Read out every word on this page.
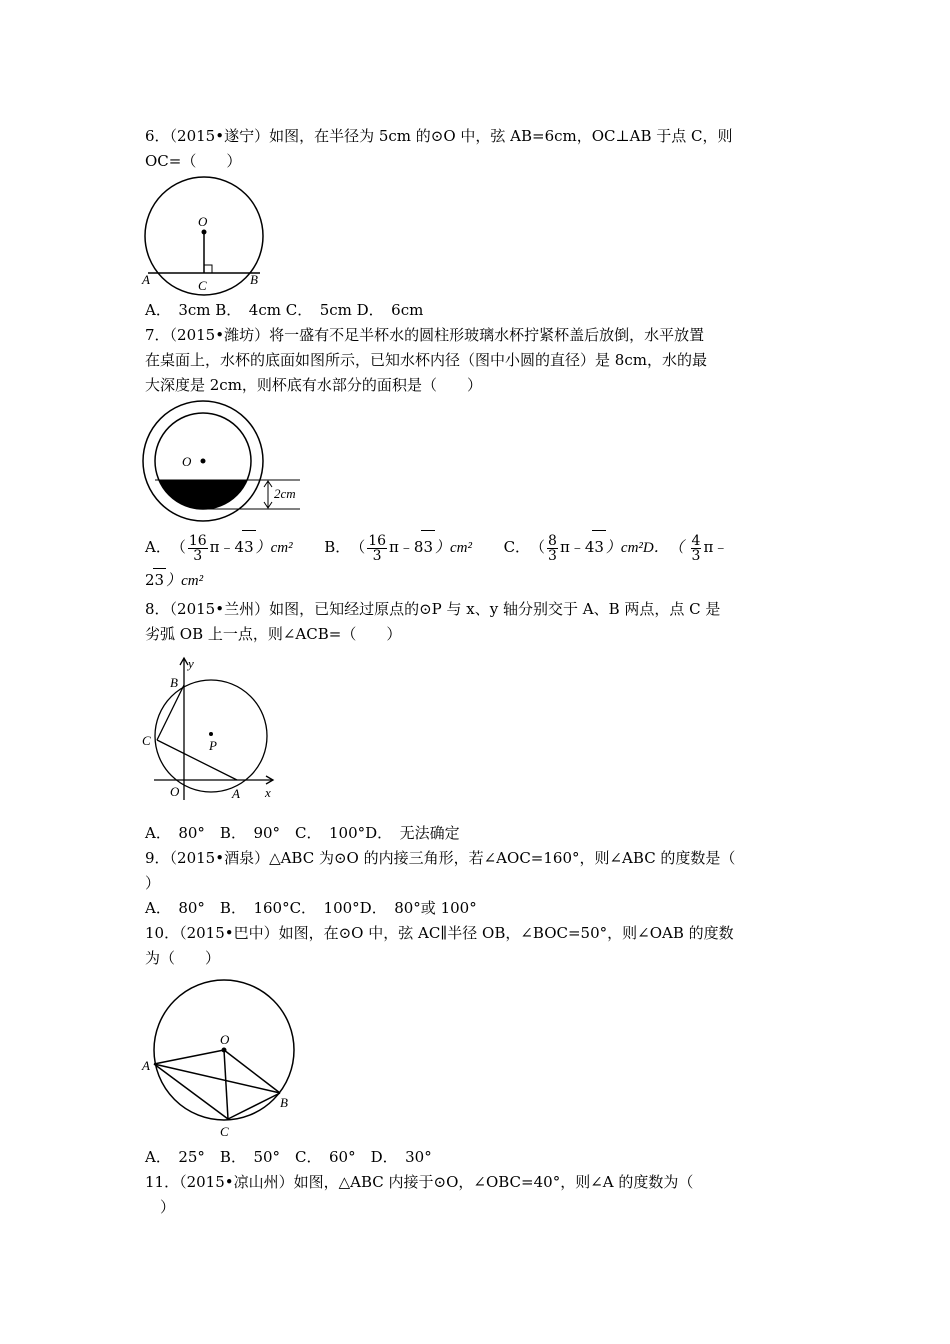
6．（2015•遂宁）如图，在半径为 5cm 的⊙O 中，弦 AB=6cm，OC⊥AB 于点 C，则
OC=（　　）
O
A	B
C
A．　3cm B．　4cm C．　5cm D．　6cm
7．（2015•潍坊）将一盛有不足半杯水的圆柱形玻璃水杯拧紧杯盖后放倒，水平放置
在桌面上，水杯的底面如图所示，已知水杯内径（图中小圆的直径）是 8cm，水的最
大深度是 2cm，则杯底有水部分的面积是（　　）
O
2cm
A．　（ $\frac{16}{3}$ π﹣43 ）cm² B．　（ $\frac{16}{3}$ π﹣83 ）cm² C．　（ $\frac{8}{3}$ π﹣43 ）cm²D．　（ $\frac{4}{3}$ π﹣
23 ）cm²
8．（2015•兰州）如图，已知经过原点的⊙P 与 x、y 轴分别交于 A、B 两点，点 C 是
劣弧 OB 上一点，则∠ACB=（　　）
y
x
B
C	P
O	A
A．　80°　B．　90°　C．　100°D．　无法确定
9．（2015•酒泉）△ABC 为⊙O 的内接三角形，若∠AOC=160°，则∠ABC 的度数是（
）
A．　80°　B．　160°C．　100°D．　80°或 100°
10．（2015•巴中）如图，在⊙O 中，弦 AC∥半径 OB，∠BOC=50°，则∠OAB 的度数
为（　　）
O
A
B
C
A．　25°　B．　50°　C．　60°　D．　30°
11．（2015•凉山州）如图，△ABC 内接于⊙O，∠OBC=40°，则∠A 的度数为（
　）
